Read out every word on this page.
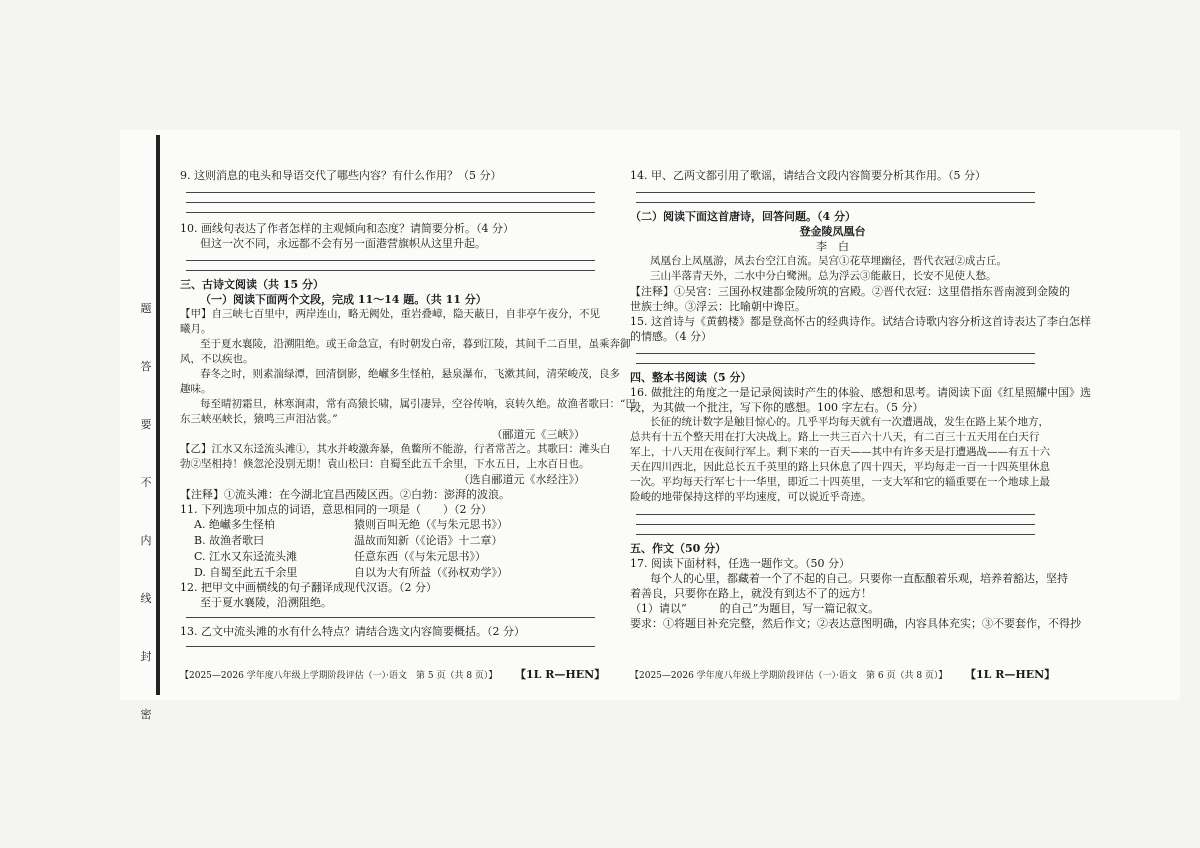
题
答
要
不
内
线
封
密
9. 这则消息的电头和导语交代了哪些内容？有什么作用？（5 分）
10. 画线句表达了作者怎样的主观倾向和态度？请简要分析。（4 分）
但这一次不同，永远都不会有另一面港营旗帜从这里升起。
三、古诗文阅读（共 15 分）
（一）阅读下面两个文段，完成 11～14 题。（共 11 分）
【甲】自三峡七百里中，两岸连山，略无阙处，重岩叠嶂，隐天蔽日，自非亭午夜分，不见
曦月。
至于夏水襄陵，沿溯阻绝。或王命急宣，有时朝发白帝，暮到江陵，其间千二百里，虽乘奔御
风，不以疾也。
春冬之时，则素湍绿潭，回清倒影，绝𪩘多生怪柏，悬泉瀑布，飞漱其间，清荣峻茂，良多
趣味。
每至晴初霜旦，林寒涧肃，常有高猿长啸，属引凄异，空谷传响，哀转久绝。故渔者歌曰：“巴
东三峡巫峡长，猿鸣三声泪沾裳。”
（郦道元《三峡》）
【乙】江水又东迳流头滩①，其水并峻激奔暴，鱼鳖所不能游，行者常苦之。其歌曰：滩头白
勃②坚相持！倏忽沦没别无期！袁山松曰：自蜀至此五千余里，下水五日，上水百日也。
（选自郦道元《水经注》）
【注释】①流头滩：在今湖北宜昌西陵区西。②白勃：澎湃的波浪。
11. 下列选项中加点的词语，意思相同的一项是（　　）（2 分）
A. 绝𪩘多生怪柏	猿则百叫无绝（《与朱元思书》）
B. 故渔者歌曰	温故而知新（《论语》十二章）
C. 江水又东迳流头滩	任意东西（《与朱元思书》）
D. 自蜀至此五千余里	自以为大有所益（《孙权劝学》）
12. 把甲文中画横线的句子翻译成现代汉语。（2 分）
至于夏水襄陵，沿溯阻绝。
13. 乙文中流头滩的水有什么特点？请结合选文内容简要概括。（2 分）
【2025—2026 学年度八年级上学期阶段评估（一）·语文　第 5 页（共 8 页）】 【1L R—HEN】
14. 甲、乙两文都引用了歌谣，请结合文段内容简要分析其作用。（5 分）
（二）阅读下面这首唐诗，回答问题。（4 分）
登金陵凤凰台
李　白
凤凰台上凤凰游，凤去台空江自流。吴宫①花草埋幽径，晋代衣冠②成古丘。
三山半落青天外，二水中分白鹭洲。总为浮云③能蔽日，长安不见使人愁。
【注释】①吴宫：三国孙权建都金陵所筑的宫殿。②晋代衣冠：这里借指东晋南渡到金陵的
世族士绅。③浮云：比喻朝中谗臣。
15. 这首诗与《黄鹤楼》都是登高怀古的经典诗作。试结合诗歌内容分析这首诗表达了李白怎样
的情感。（4 分）
四、整本书阅读（5 分）
16. 做批注的角度之一是记录阅读时产生的体验、感想和思考。请阅读下面《红星照耀中国》选
段，为其做一个批注，写下你的感想。100 字左右。（5 分）
长征的统计数字是触目惊心的。几乎平均每天就有一次遭遇战，发生在路上某个地方，
总共有十五个整天用在打大决战上。路上一共三百六十八天，有二百三十五天用在白天行
军上，十八天用在夜间行军上。剩下来的一百天——其中有许多天是打遭遇战——有五十六
天在四川西北，因此总长五千英里的路上只休息了四十四天，平均每走一百一十四英里休息
一次。平均每天行军七十一华里，即近二十四英里，一支大军和它的辎重要在一个地球上最
险峻的地带保持这样的平均速度，可以说近乎奇迹。
五、作文（50 分）
17. 阅读下面材料，任选一题作文。（50 分）
每个人的心里，都藏着一个了不起的自己。只要你一直酝酿着乐观，培养着豁达，坚持
着善良，只要你在路上，就没有到达不了的远方！
（1）请以“　　　的自己”为题目，写一篇记叙文。
要求：①将题目补充完整，然后作文；②表达意图明确，内容具体充实；③不要套作，不得抄
【2025—2026 学年度八年级上学期阶段评估（一）·语文　第 6 页（共 8 页）】 【1L R—HEN】
